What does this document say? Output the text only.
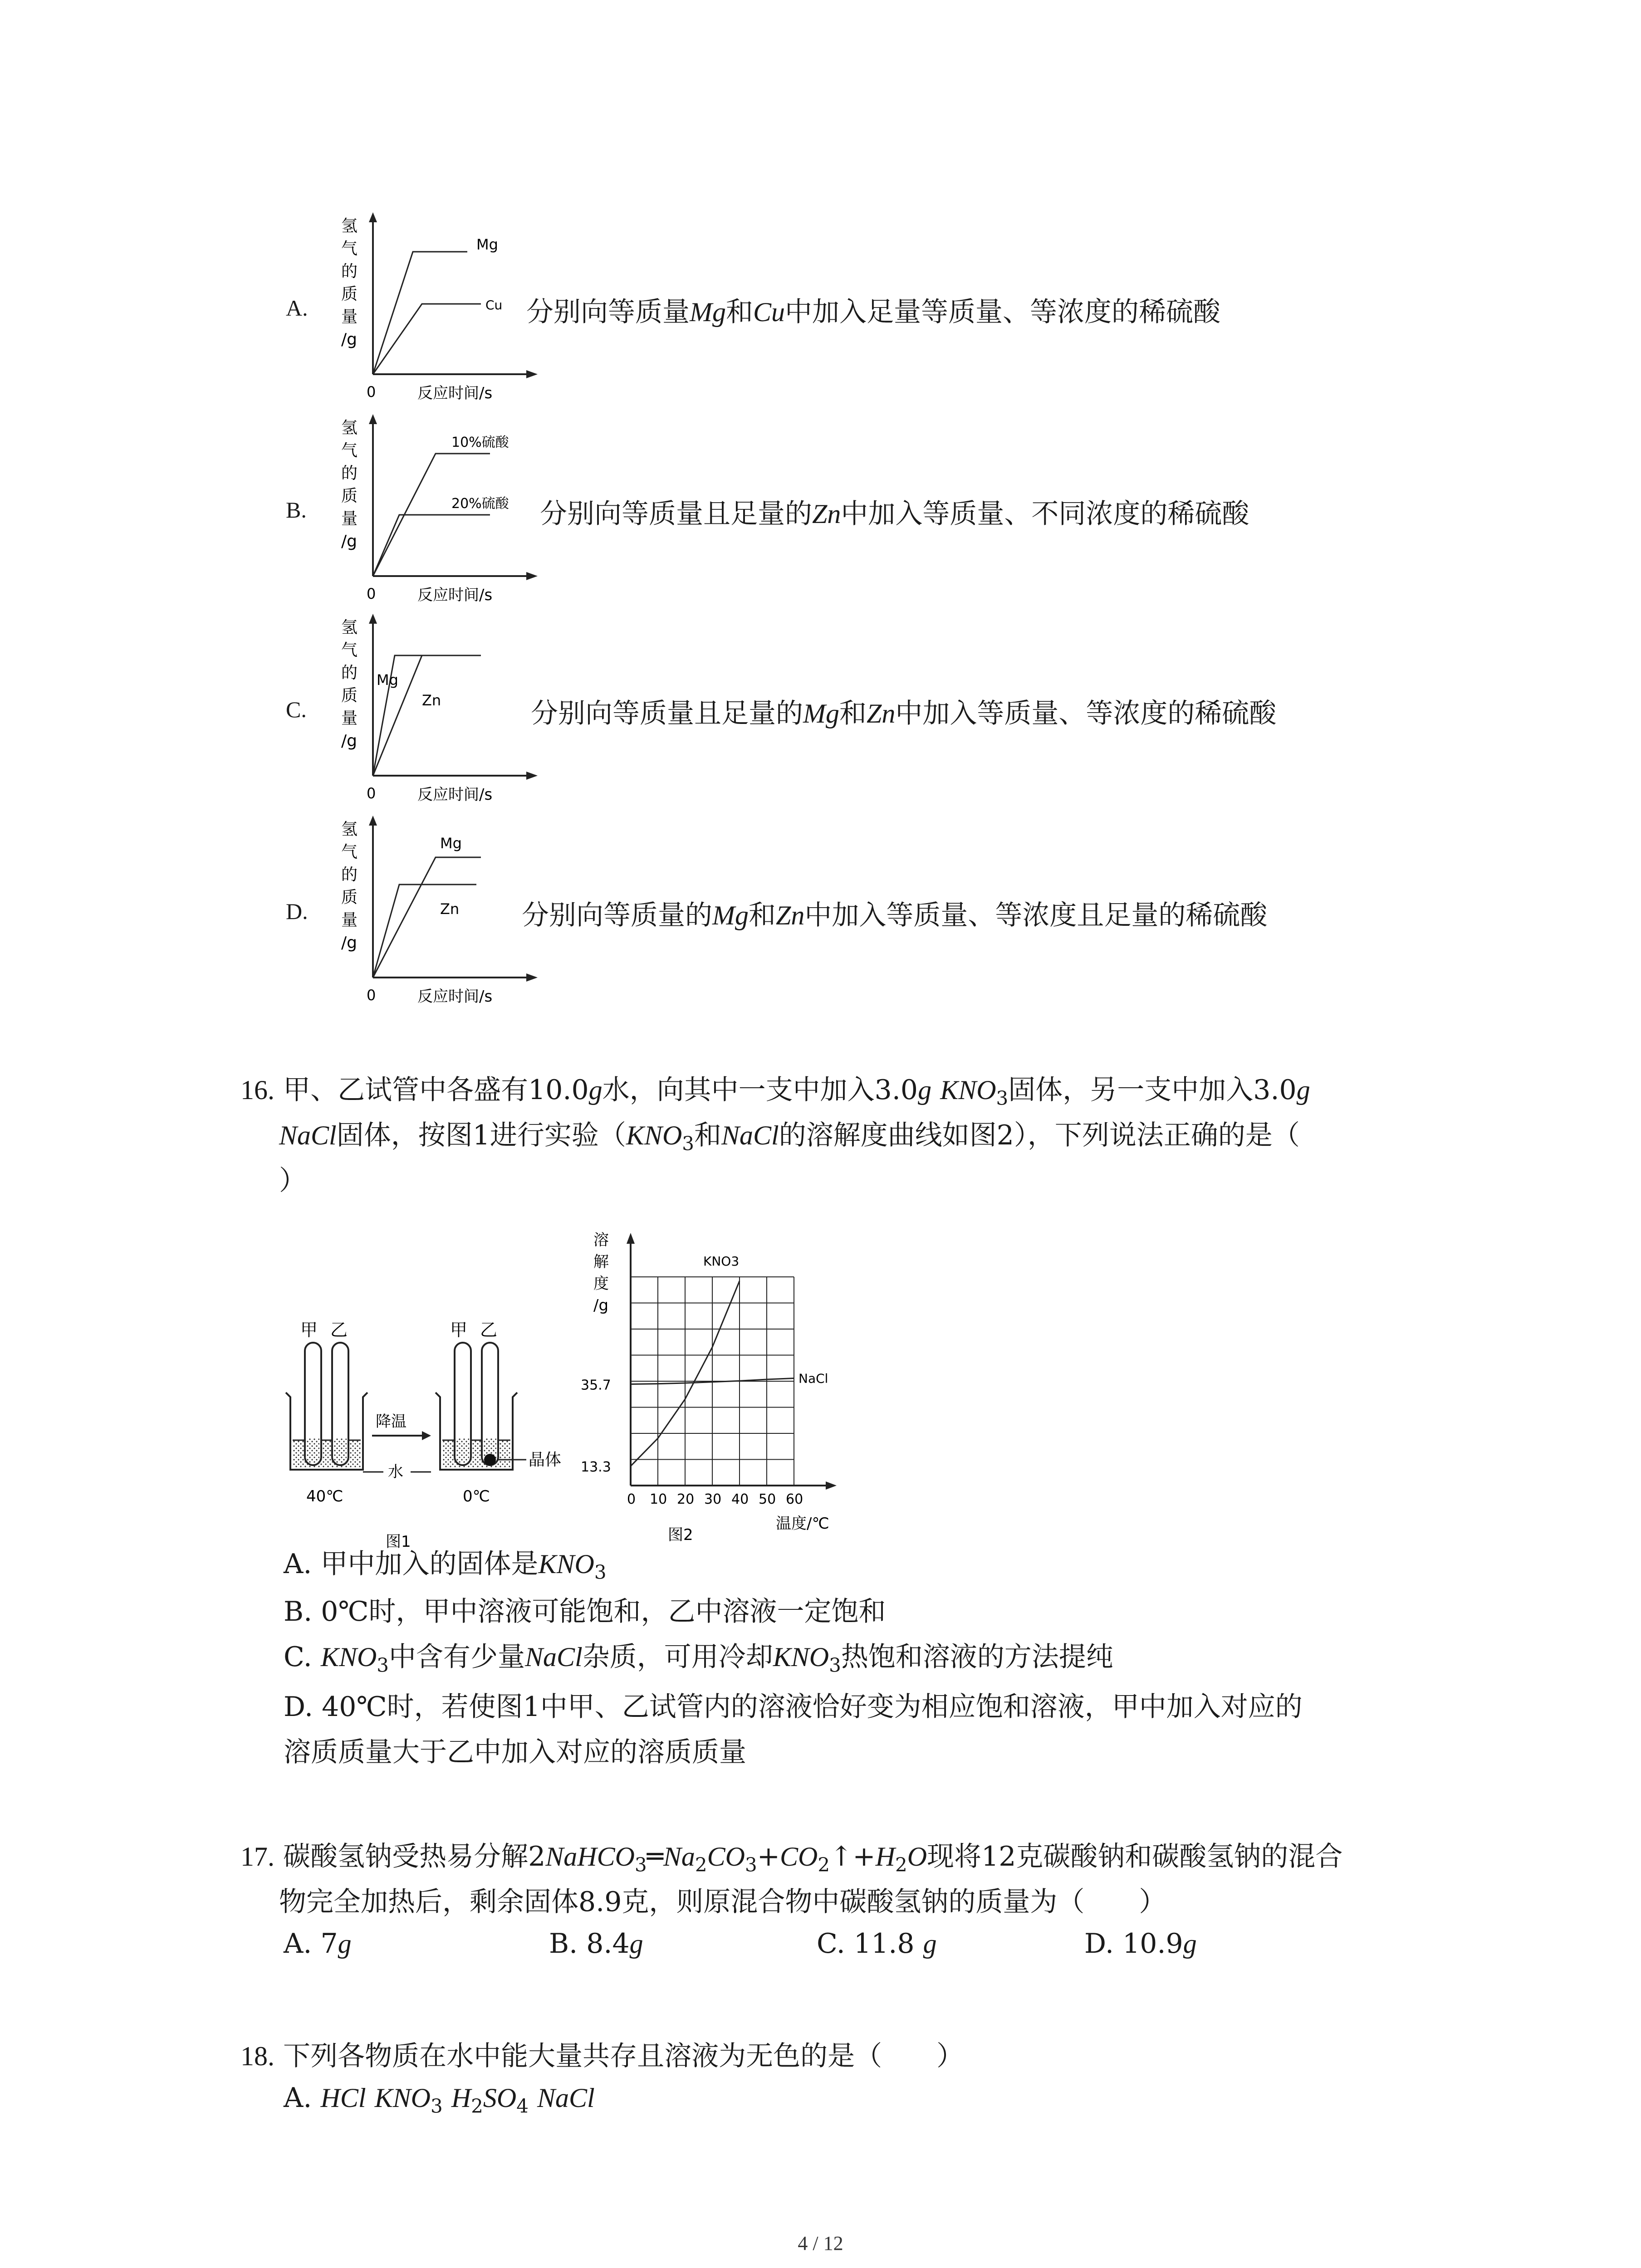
A.
氢
气
的
质
量
/g
0	反应时间/s
Mg
Cu 分别向等质量Mg和Cu中加入足量等质量、等浓度的稀硫酸
B.
氢
气
的
质
量
/g
0	反应时间/s
10%硫酸
20%硫酸 分别向等质量且足量的Zn中加入等质量、不同浓度的稀硫酸
C.
氢
气
的
质
量
/g
0	反应时间/s
Mg
Zn	分别向等质量且足量的Mg和Zn中加入等质量、等浓度的稀硫酸
D.
氢
气
的
质
量
/g
0	反应时间/s
Mg
Zn 分别向等质量的Mg和Zn中加入等质量、等浓度且足量的稀硫酸
16. 甲、乙试管中各盛有10.0g水，向其中一支中加入3.0g $KNO_3$固体，另一支中加入3.0g
NaCl固体，按图1进行实验（$KNO_3$和NaCl的溶解度曲线如图2），下列说法正确的是（
）
甲 乙
40℃
降温
水
晶体
甲 乙
0℃
图1
溶
解
度
/g
35.7
13.3
0 10 20 30 40 50 60
KNO3
NaCl
温度/℃
图2
A. 甲中加入的固体是$KNO_3$
B. 0℃时，甲中溶液可能饱和，乙中溶液一定饱和
C. $KNO_3$中含有少量NaCl杂质，可用冷却$KNO_3$热饱和溶液的方法提纯
D. 40℃时，若使图1中甲、乙试管内的溶液恰好变为相应饱和溶液，甲中加入对应的
溶质质量大于乙中加入对应的溶质质量
17. 碳酸氢钠受热易分解$2NaHCO_3═Na_2CO_3+CO_2↑+H_2O$现将12克碳酸钠和碳酸氢钠的混合
物完全加热后，剩余固体8.9克，则原混合物中碳酸氢钠的质量为（　　）
A. 7g	B. 8.4g	C. 11.8 g	D. 10.9g
18. 下列各物质在水中能大量共存且溶液为无色的是（　　）
A. HCl $KNO_3$ $H_2SO_4$ NaCl
4 / 12
